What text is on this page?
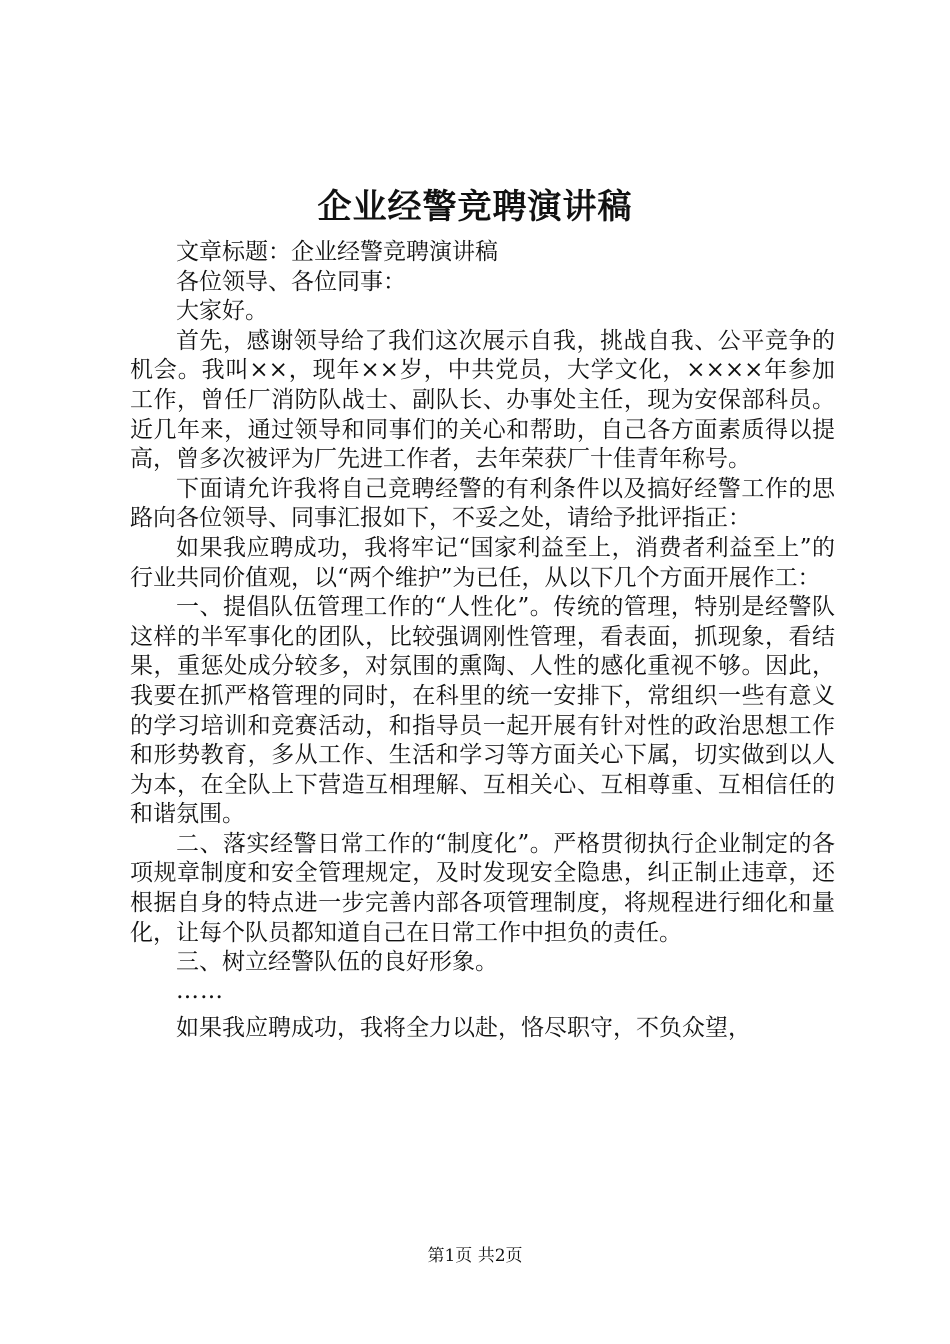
企业经警竞聘演讲稿

文章标题：企业经警竞聘演讲稿

各位领导、各位同事：

大家好。

首先，感谢领导给了我们这次展示自我，挑战自我、公平竞争的机会。我叫××，现年××岁，中共党员，大学文化，××××年参加工作，曾任厂消防队战士、副队长、办事处主任，现为安保部科员。近几年来，通过领导和同事们的关心和帮助，自己各方面素质得以提高，曾多次被评为厂先进工作者，去年荣获厂十佳青年称号。

下面请允许我将自己竞聘经警的有利条件以及搞好经警工作的思路向各位领导、同事汇报如下，不妥之处，请给予批评指正：

如果我应聘成功，我将牢记“国家利益至上，消费者利益至上”的行业共同价值观，以“两个维护”为已任，从以下几个方面开展作工：

一、提倡队伍管理工作的“人性化”。传统的管理，特别是经警队这样的半军事化的团队，比较强调刚性管理，看表面，抓现象，看结果，重惩处成分较多，对氛围的熏陶、人性的感化重视不够。因此，我要在抓严格管理的同时，在科里的统一安排下，常组织一些有意义的学习培训和竞赛活动，和指导员一起开展有针对性的政治思想工作和形势教育，多从工作、生活和学习等方面关心下属，切实做到以人为本，在全队上下营造互相理解、互相关心、互相尊重、互相信任的和谐氛围。

二、落实经警日常工作的“制度化”。严格贯彻执行企业制定的各项规章制度和安全管理规定，及时发现安全隐患，纠正制止违章，还根据自身的特点进一步完善内部各项管理制度，将规程进行细化和量化，让每个队员都知道自己在日常工作中担负的责任。

三、树立经警队伍的良好形象。

……

如果我应聘成功，我将全力以赴，恪尽职守，不负众望，

第1页 共2页
